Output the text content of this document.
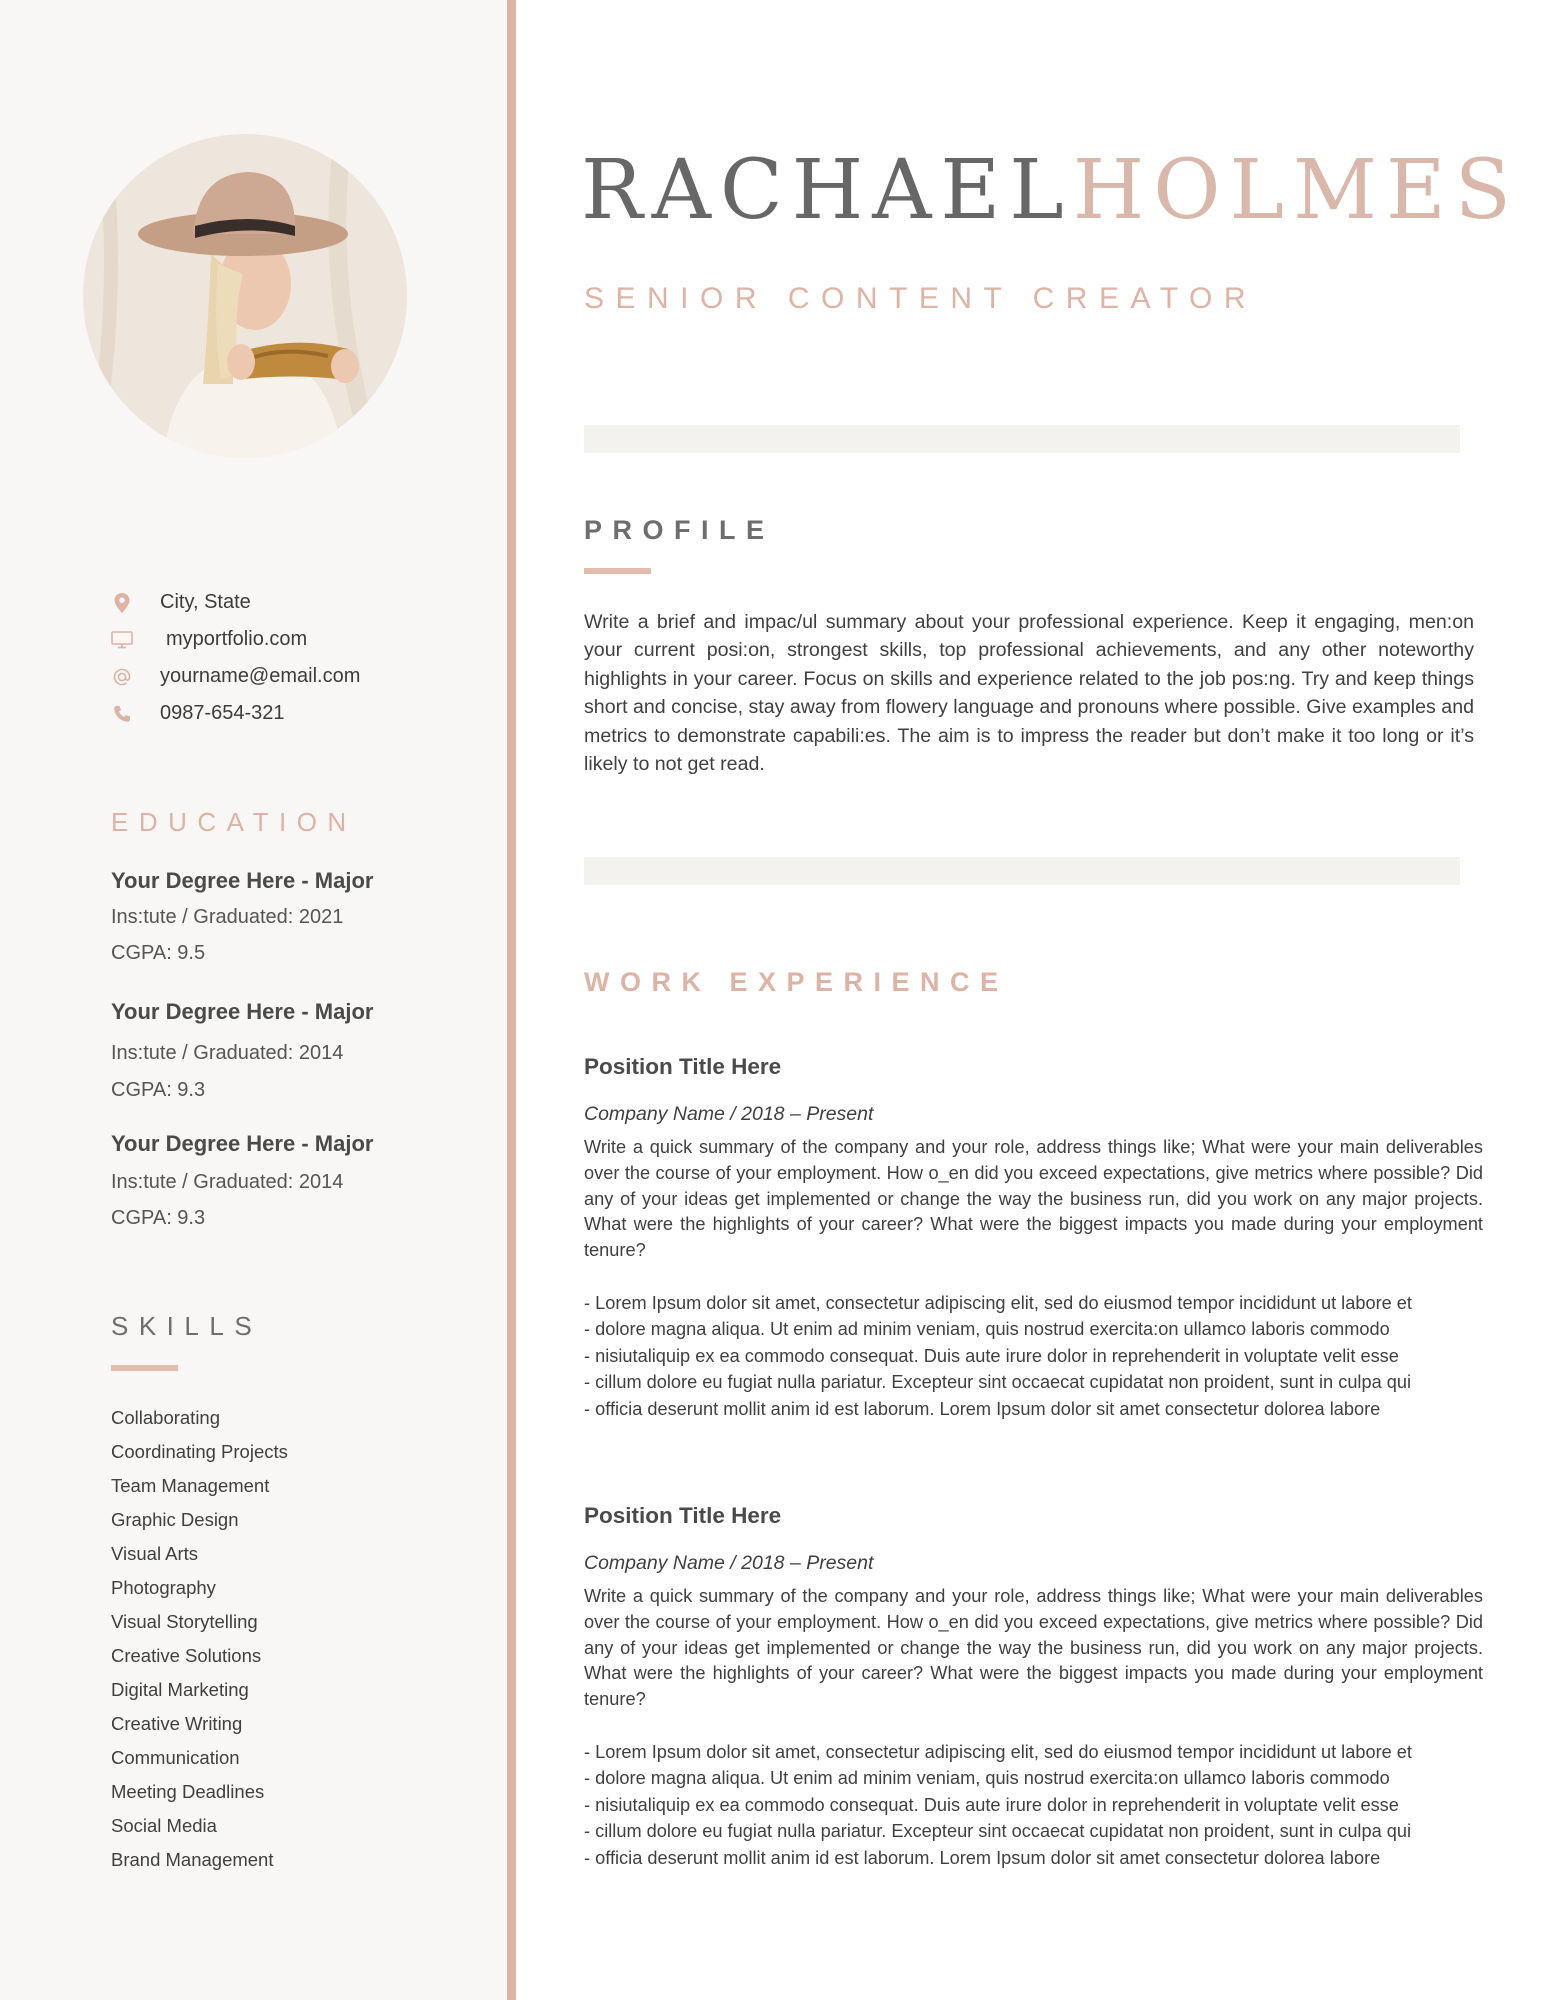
City, State
myportfolio.com
yourname@email.com
0987-654-321
EDUCATION
Your Degree Here - Major
Ins:tute / Graduated: 2021
CGPA: 9.5
Your Degree Here - Major
Ins:tute / Graduated: 2014
CGPA: 9.3
Your Degree Here - Major
Ins:tute / Graduated: 2014
CGPA: 9.3
SKILLS
Collaborating
Coordinating Projects
Team Management
Graphic Design
Visual Arts
Photography
Visual Storytelling
Creative Solutions
Digital Marketing
Creative Writing
Communication
Meeting Deadlines
Social Media
Brand Management
RACHAELHOLMES
SENIOR CONTENT CREATOR
PROFILE

Write a brief and impac/ul summary about your professional experience. Keep it engaging, men:on your current posi:on, strongest skills, top professional achievements, and any other noteworthy highlights in your career. Focus on skills and experience related to the job pos:ng. Try and keep things short and concise, stay away from flowery language and pronouns where possible. Give examples and metrics to demonstrate capabili:es. The aim is to impress the reader but don’t make it too long or it’s likely to not get read.

WORK EXPERIENCE
Position Title Here
Company Name / 2018 – Present

Write a quick summary of the company and your role, address things like; What were your main deliverables over the course of your employment. How o_en did you exceed expectations, give metrics where possible? Did any of your ideas get implemented or change the way the business run, did you work on any major projects. What were the highlights of your career? What were the biggest impacts you made during your employment tenure?

- Lorem Ipsum dolor sit amet, consectetur adipiscing elit, sed do eiusmod tempor incididunt ut labore et
- dolore magna aliqua. Ut enim ad minim veniam, quis nostrud exercita:on ullamco laboris commodo
- nisiutaliquip ex ea commodo consequat. Duis aute irure dolor in reprehenderit in voluptate velit esse
- cillum dolore eu fugiat nulla pariatur. Excepteur sint occaecat cupidatat non proident, sunt in culpa qui
- officia deserunt mollit anim id est laborum. Lorem Ipsum dolor sit amet consectetur dolorea labore
Position Title Here
Company Name / 2018 – Present

Write a quick summary of the company and your role, address things like; What were your main deliverables over the course of your employment. How o_en did you exceed expectations, give metrics where possible? Did any of your ideas get implemented or change the way the business run, did you work on any major projects. What were the highlights of your career? What were the biggest impacts you made during your employment tenure?

- Lorem Ipsum dolor sit amet, consectetur adipiscing elit, sed do eiusmod tempor incididunt ut labore et
- dolore magna aliqua. Ut enim ad minim veniam, quis nostrud exercita:on ullamco laboris commodo
- nisiutaliquip ex ea commodo consequat. Duis aute irure dolor in reprehenderit in voluptate velit esse
- cillum dolore eu fugiat nulla pariatur. Excepteur sint occaecat cupidatat non proident, sunt in culpa qui
- officia deserunt mollit anim id est laborum. Lorem Ipsum dolor sit amet consectetur dolorea labore
